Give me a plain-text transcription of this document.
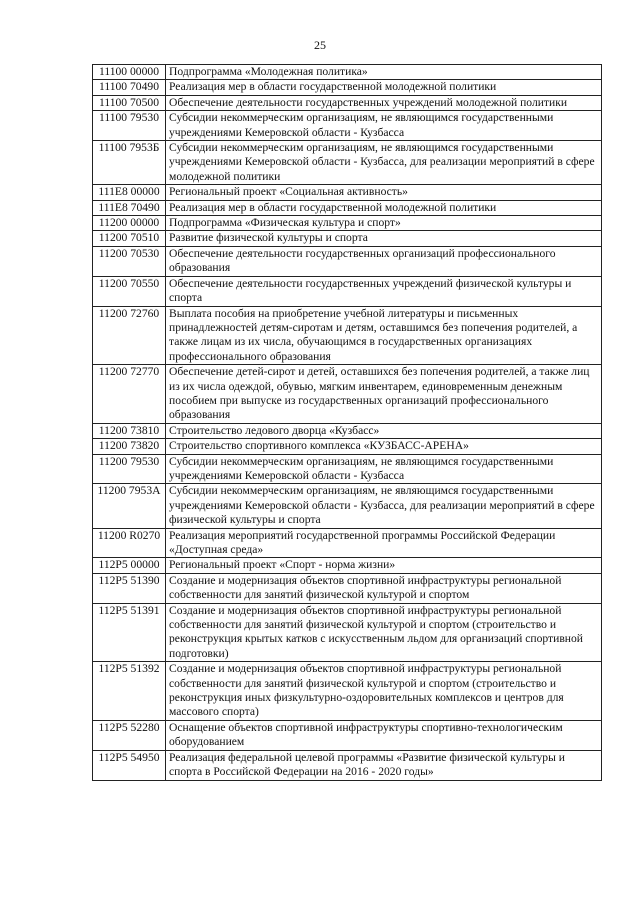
25
11100 00000	Подпрограмма «Молодежная политика»
11100 70490	Реализация мер в области государственной молодежной политики
11100 70500	Обеспечение деятельности государственных учреждений молодежной политики
11100 79530	Субсидии некоммерческим организациям, не являющимся государственными учреждениями Кемеровской области - Кузбасса
11100 7953Б	Субсидии некоммерческим организациям, не являющимся государственными учреждениями Кемеровской области - Кузбасса, для реализации мероприятий в сфере молодежной политики
111Е8 00000	Региональный проект «Социальная активность»
111Е8 70490	Реализация мер в области государственной молодежной политики
11200 00000	Подпрограмма «Физическая культура и спорт»
11200 70510	Развитие физической культуры и спорта
11200 70530	Обеспечение деятельности государственных организаций профессионального образования
11200 70550	Обеспечение деятельности государственных учреждений физической культуры и спорта
11200 72760	Выплата пособия на приобретение учебной литературы и письменных принадлежностей детям-сиротам и детям, оставшимся без попечения родителей, а также лицам из их числа, обучающимся в государственных организациях профессионального образования
11200 72770	Обеспечение детей-сирот и детей, оставшихся без попечения родителей, а также лиц из их числа одеждой, обувью, мягким инвентарем, единовременным денежным пособием при выпуске из государственных организаций профессионального образования
11200 73810	Строительство ледового дворца «Кузбасс»
11200 73820	Строительство спортивного комплекса «КУЗБАСС-АРЕНА»
11200 79530	Субсидии некоммерческим организациям, не являющимся государственными учреждениями Кемеровской области - Кузбасса
11200 7953А	Субсидии некоммерческим организациям, не являющимся государственными учреждениями Кемеровской области - Кузбасса, для реализации мероприятий в сфере физической культуры и спорта
11200 R0270	Реализация мероприятий государственной программы Российской Федерации «Доступная среда»
112Р5 00000	Региональный проект «Спорт - норма жизни»
112Р5 51390	Создание и модернизация объектов спортивной инфраструктуры региональной собственности для занятий физической культурой и спортом
112Р5 51391	Создание и модернизация объектов спортивной инфраструктуры региональной собственности для занятий физической культурой и спортом (строительство и реконструкция крытых катков с искусственным льдом для организаций спортивной подготовки)
112Р5 51392	Создание и модернизация объектов спортивной инфраструктуры региональной собственности для занятий физической культурой и спортом (строительство и реконструкция иных физкультурно-оздоровительных комплексов и центров для массового спорта)
112Р5 52280	Оснащение объектов спортивной инфраструктуры спортивно-технологическим оборудованием
112Р5 54950	Реализация федеральной целевой программы «Развитие физической культуры и спорта в Российской Федерации на 2016 - 2020 годы»
